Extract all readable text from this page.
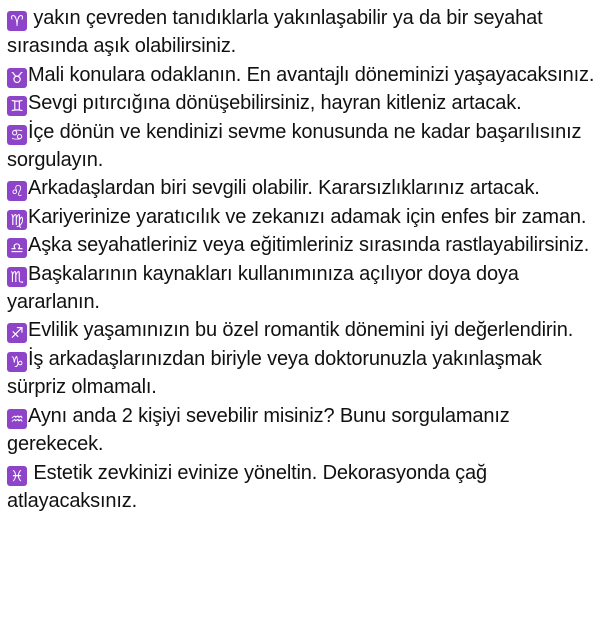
♈ yakın çevreden tanıdıklarla yakınlaşabilir ya da bir seyahat sırasında aşık olabilirsiniz.

♉ Mali konulara odaklanın. En avantajlı döneminizi yaşayacaksınız.

♊ Sevgi pıtırcığına dönüşebilirsiniz, hayran kitleniz artacak.

♋ İçe dönün ve kendinizi sevme konusunda ne kadar başarılısınız sorgulayın.

♌ Arkadaşlardan biri sevgili olabilir. Kararsızlıklarınız artacak.

♍ Kariyerinize yaratıcılık ve zekanızı adamak için enfes bir zaman.

♎ Aşka seyahatleriniz veya eğitimleriniz sırasında rastlayabilirsiniz.

♏ Başkalarının kaynakları kullanımınıza açılıyor doya doya yararlanın.

♐ Evlilik yaşamınızın bu özel romantik dönemini iyi değerlendirin.

♑ İş arkadaşlarınızdan biriyle veya doktorunuzla yakınlaşmak sürpriz olmamalı.

♒ Aynı anda 2 kişiyi sevebilir misiniz? Bunu sorgulamanız gerekecek.

♓ Estetik zevkinizi evinize yöneltin. Dekorasyonda çağ atlayacaksınız.
